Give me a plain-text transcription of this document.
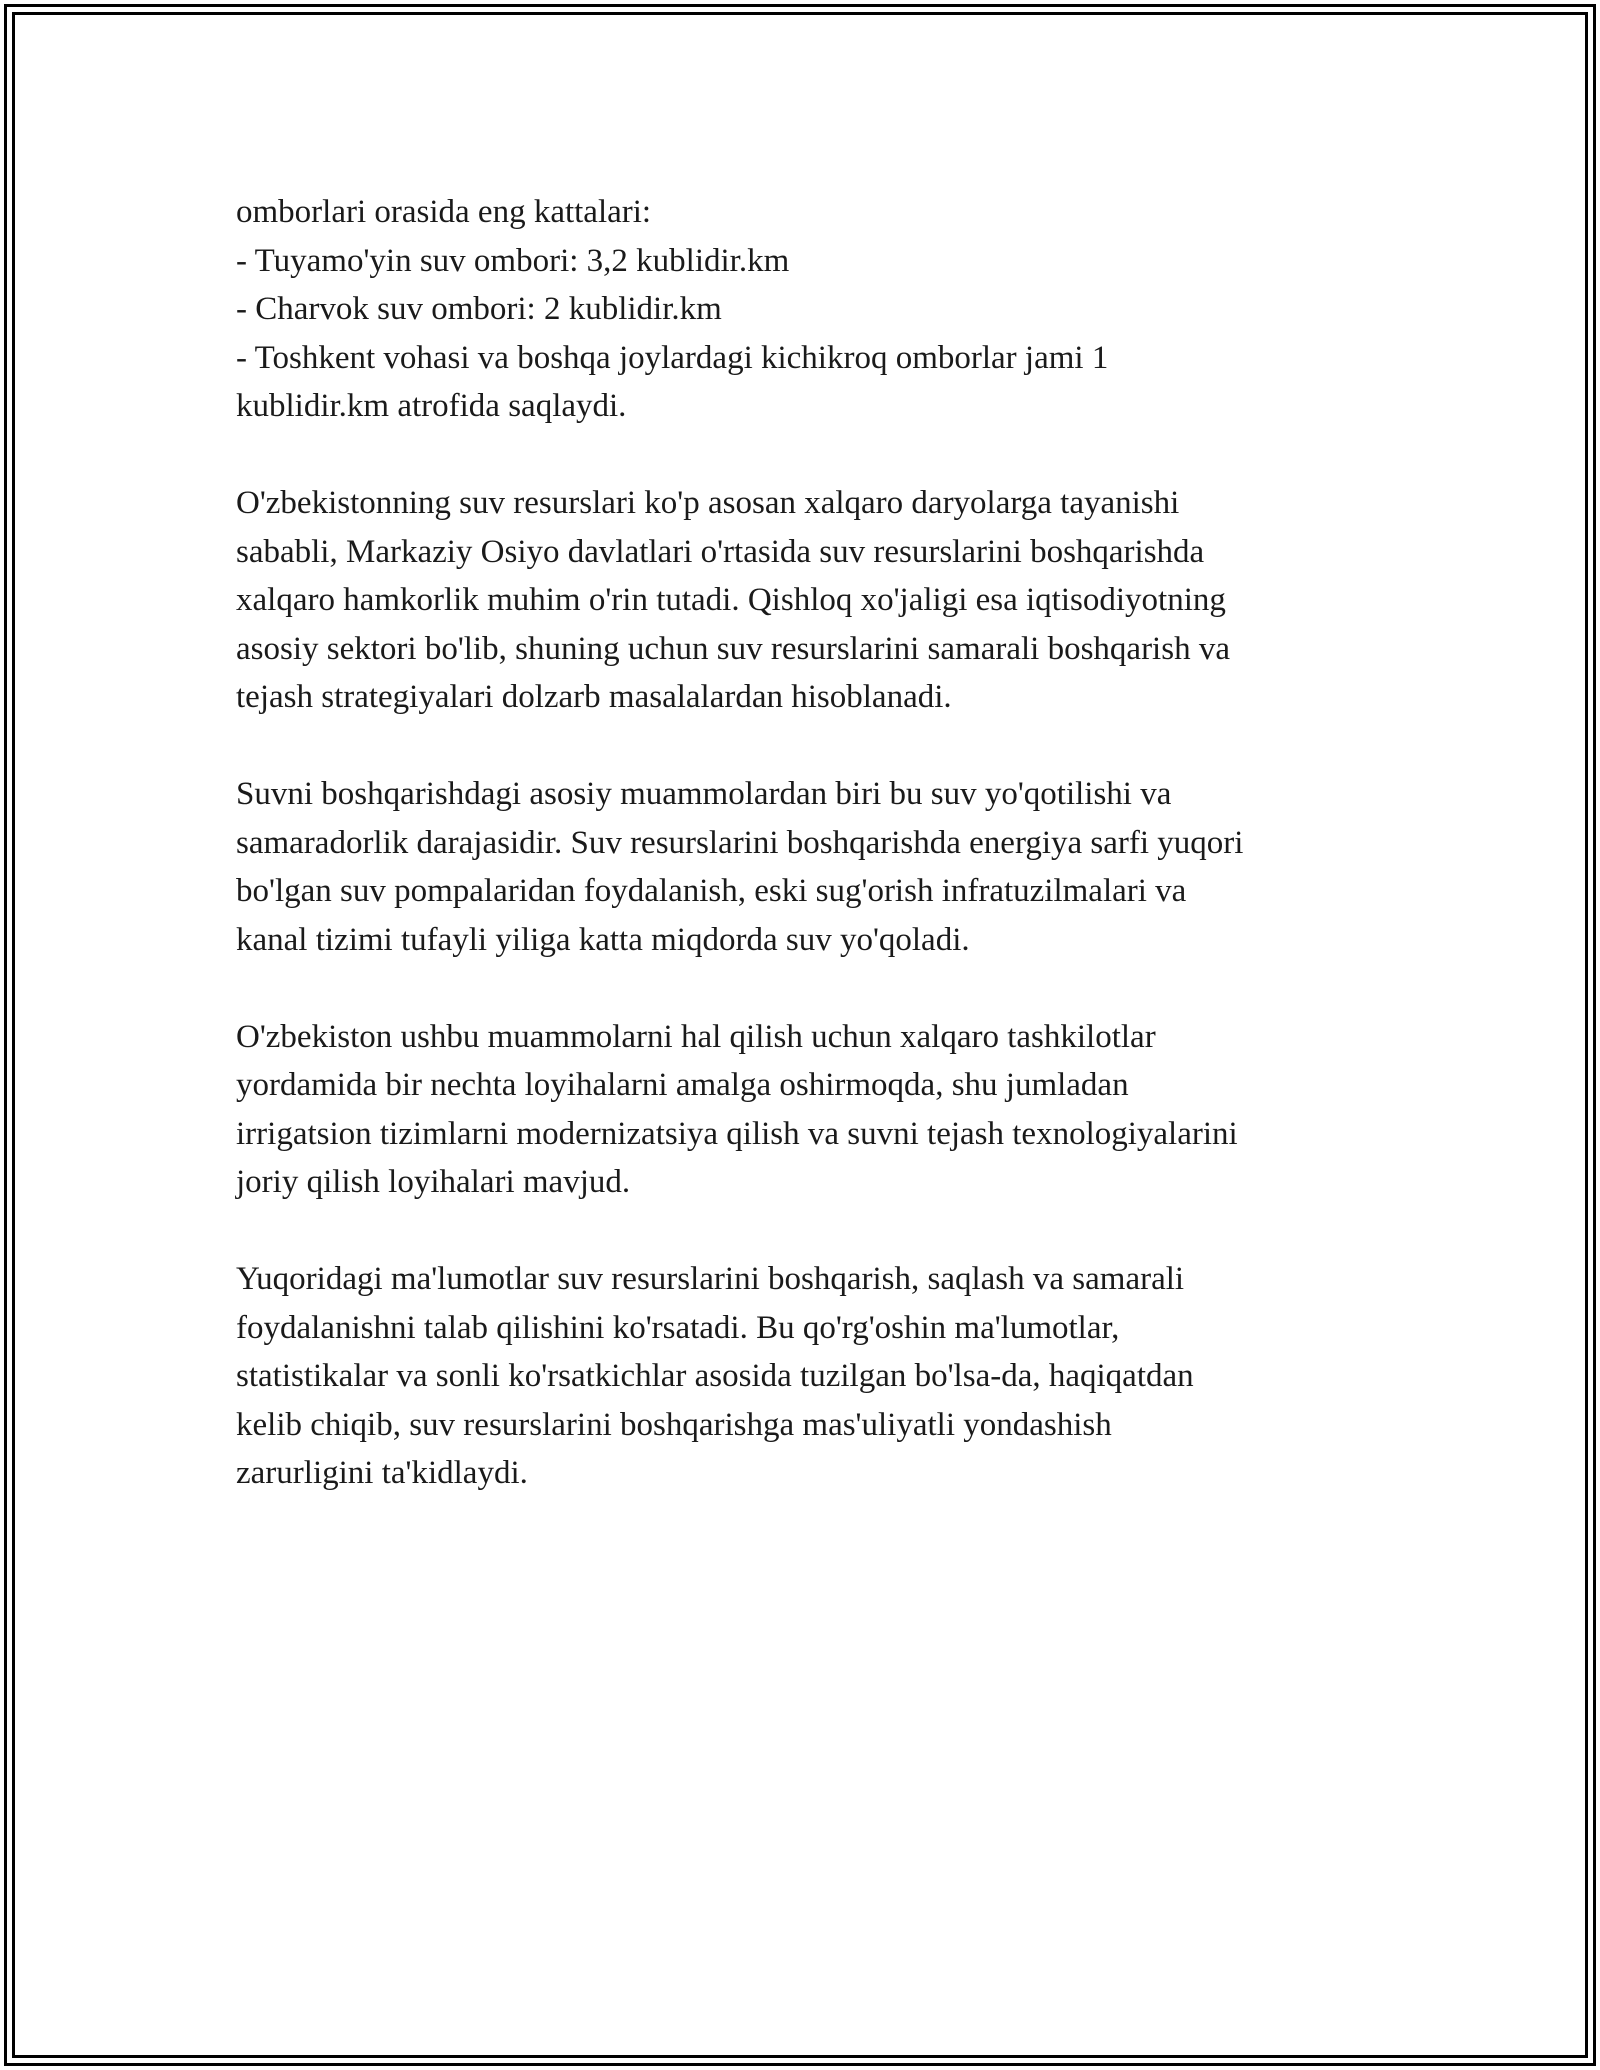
omborlari orasida eng kattalari:
- Tuyamo'yin suv ombori: 3,2 kublidir.km
- Charvok suv ombori: 2 kublidir.km
- Toshkent vohasi va boshqa joylardagi kichikroq omborlar jami 1
kublidir.km atrofida saqlaydi.
O'zbekistonning suv resurslari ko'p asosan xalqaro daryolarga tayanishi
sababli, Markaziy Osiyo davlatlari o'rtasida suv resurslarini boshqarishda
xalqaro hamkorlik muhim o'rin tutadi. Qishloq xo'jaligi esa iqtisodiyotning
asosiy sektori bo'lib, shuning uchun suv resurslarini samarali boshqarish va
tejash strategiyalari dolzarb masalalardan hisoblanadi.
Suvni boshqarishdagi asosiy muammolardan biri bu suv yo'qotilishi va
samaradorlik darajasidir. Suv resurslarini boshqarishda energiya sarfi yuqori
bo'lgan suv pompalaridan foydalanish, eski sug'orish infratuzilmalari va
kanal tizimi tufayli yiliga katta miqdorda suv yo'qoladi.
O'zbekiston ushbu muammolarni hal qilish uchun xalqaro tashkilotlar
yordamida bir nechta loyihalarni amalga oshirmoqda, shu jumladan
irrigatsion tizimlarni modernizatsiya qilish va suvni tejash texnologiyalarini
joriy qilish loyihalari mavjud.
Yuqoridagi ma'lumotlar suv resurslarini boshqarish, saqlash va samarali
foydalanishni talab qilishini ko'rsatadi. Bu qo'rg'oshin ma'lumotlar,
statistikalar va sonli ko'rsatkichlar asosida tuzilgan bo'lsa-da, haqiqatdan
kelib chiqib, suv resurslarini boshqarishga mas'uliyatli yondashish
zarurligini ta'kidlaydi.
